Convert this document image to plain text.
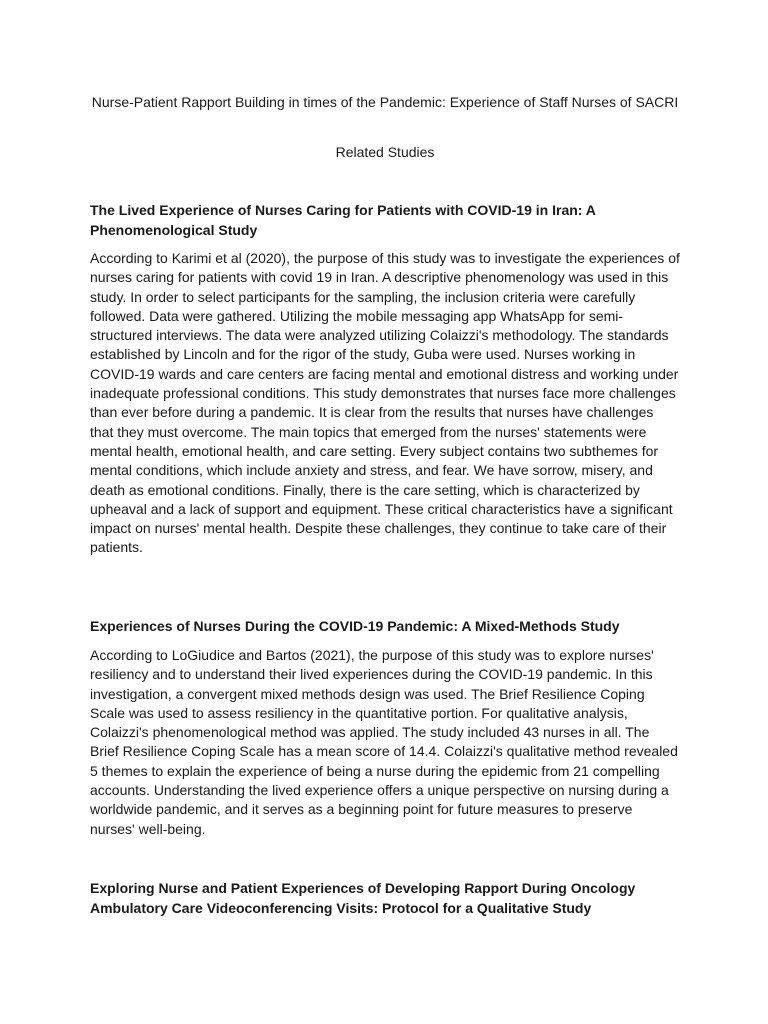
Nurse-Patient Rapport Building in times of the Pandemic: Experience of Staff Nurses of SACRI
Related Studies
The Lived Experience of Nurses Caring for Patients with COVID-19 in Iran: A Phenomenological Study

According to Karimi et al (2020), the purpose of this study was to investigate the experiences of nurses caring for patients with covid 19 in Iran. A descriptive phenomenology was used in this study. In order to select participants for the sampling, the inclusion criteria were carefully followed. Data were gathered. Utilizing the mobile messaging app WhatsApp for semi-structured interviews. The data were analyzed utilizing Colaizzi's methodology. The standards established by Lincoln and for the rigor of the study, Guba were used. Nurses working in COVID-19 wards and care centers are facing mental and emotional distress and working under inadequate professional conditions. This study demonstrates that nurses face more challenges than ever before during a pandemic. It is clear from the results that nurses have challenges that they must overcome. The main topics that emerged from the nurses' statements were mental health, emotional health, and care setting. Every subject contains two subthemes for mental conditions, which include anxiety and stress, and fear. We have sorrow, misery, and death as emotional conditions. Finally, there is the care setting, which is characterized by upheaval and a lack of support and equipment. These critical characteristics have a significant impact on nurses' mental health. Despite these challenges, they continue to take care of their patients.

Experiences of Nurses During the COVID-19 Pandemic: A Mixed-Methods Study

According to LoGiudice and Bartos (2021), the purpose of this study was to explore nurses' resiliency and to understand their lived experiences during the COVID-19 pandemic. In this investigation, a convergent mixed methods design was used. The Brief Resilience Coping Scale was used to assess resiliency in the quantitative portion. For qualitative analysis, Colaizzi's phenomenological method was applied. The study included 43 nurses in all. The Brief Resilience Coping Scale has a mean score of 14.4. Colaizzi's qualitative method revealed 5 themes to explain the experience of being a nurse during the epidemic from 21 compelling accounts. Understanding the lived experience offers a unique perspective on nursing during a worldwide pandemic, and it serves as a beginning point for future measures to preserve nurses' well-being.

Exploring Nurse and Patient Experiences of Developing Rapport During Oncology Ambulatory Care Videoconferencing Visits: Protocol for a Qualitative Study
